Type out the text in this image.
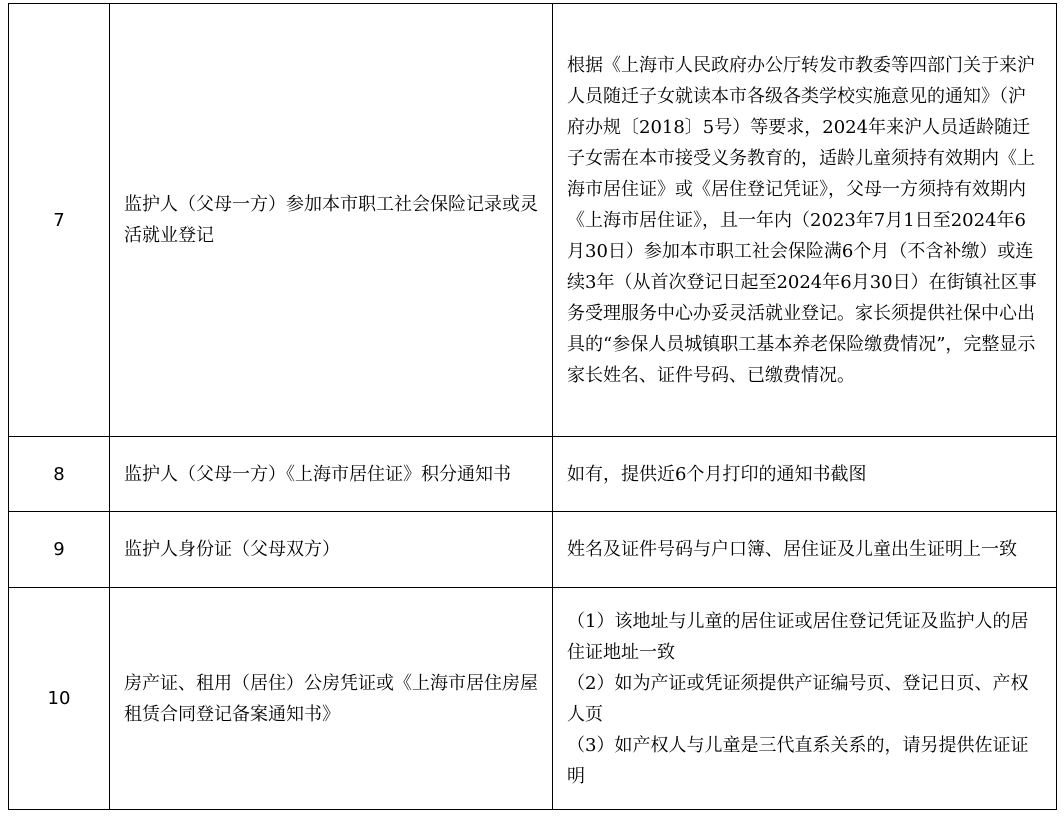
7	监护人（父母一方）参加本市职工社会保险记录或灵活就业登记	根据《上海市人民政府办公厅转发市教委等四部门关于来沪人员随迁子女就读本市各级各类学校实施意见的通知》（沪府办规〔2018〕5号）等要求，2024年来沪人员适龄随迁子女需在本市接受义务教育的，适龄儿童须持有效期内《上海市居住证》或《居住登记凭证》，父母一方须持有效期内《上海市居住证》，且一年内（2023年7月1日至2024年6月30日）参加本市职工社会保险满6个月（不含补缴）或连续3年（从首次登记日起至2024年6月30日）在街镇社区事务受理服务中心办妥灵活就业登记。家长须提供社保中心出具的“参保人员城镇职工基本养老保险缴费情况”，完整显示家长姓名、证件号码、已缴费情况。

8	监护人（父母一方）《上海市居住证》积分通知书	如有，提供近6个月打印的通知书截图

9	监护人身份证（父母双方）	姓名及证件号码与户口簿、居住证及儿童出生证明上一致

10	房产证、租用（居住）公房凭证或《上海市居住房屋租赁合同登记备案通知书》	（1）该地址与儿童的居住证或居住登记凭证及监护人的居住证地址一致

（2）如为产证或凭证须提供产证编号页、登记日页、产权人页

（3）如产权人与儿童是三代直系关系的，请另提供佐证证明
